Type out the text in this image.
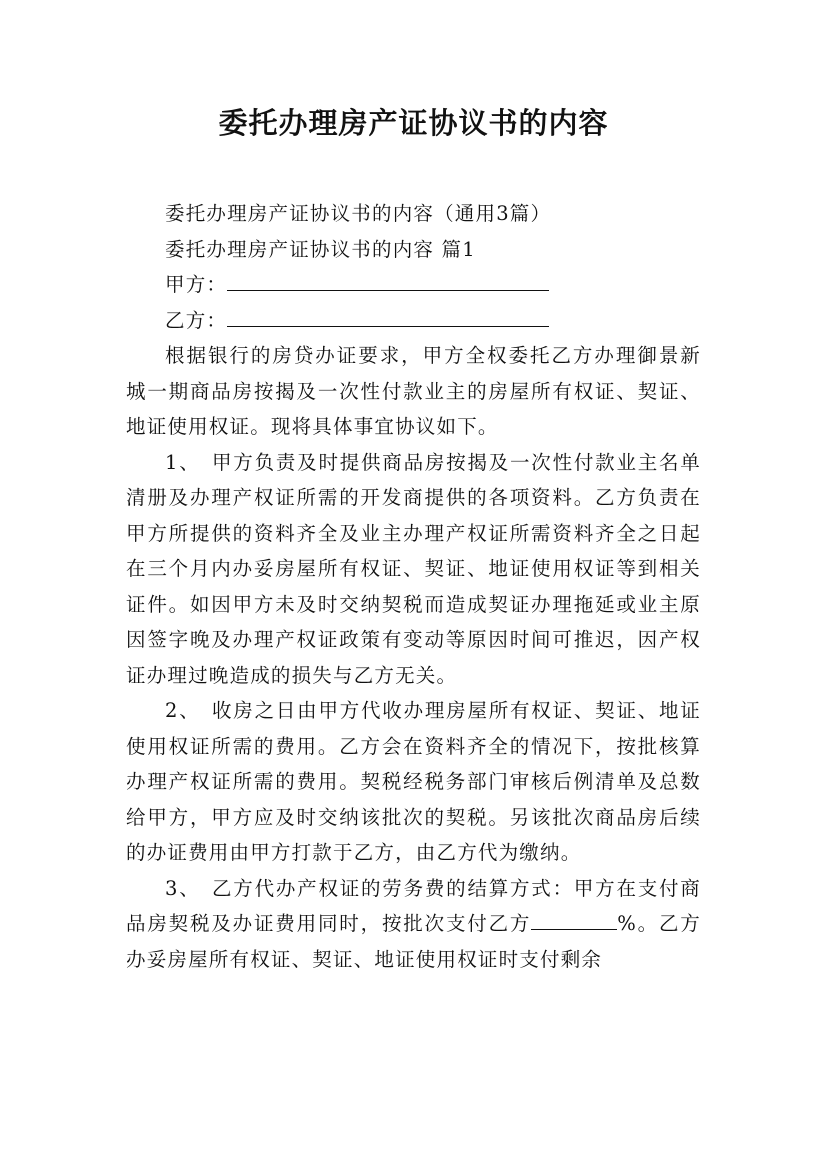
委托办理房产证协议书的内容

委托办理房产证协议书的内容（通用3篇）

委托办理房产证协议书的内容 篇1

甲方：

乙方：

根据银行的房贷办证要求，甲方全权委托乙方办理御景新城一期商品房按揭及一次性付款业主的房屋所有权证、契证、地证使用权证。现将具体事宜协议如下。

1、　甲方负责及时提供商品房按揭及一次性付款业主名单清册及办理产权证所需的开发商提供的各项资料。乙方负责在甲方所提供的资料齐全及业主办理产权证所需资料齐全之日起在三个月内办妥房屋所有权证、契证、地证使用权证等到相关证件。如因甲方未及时交纳契税而造成契证办理拖延或业主原因签字晚及办理产权证政策有变动等原因时间可推迟，因产权证办理过晚造成的损失与乙方无关。

2、　收房之日由甲方代收办理房屋所有权证、契证、地证使用权证所需的费用。乙方会在资料齐全的情况下，按批核算办理产权证所需的费用。契税经税务部门审核后例清单及总数给甲方，甲方应及时交纳该批次的契税。另该批次商品房后续的办证费用由甲方打款于乙方，由乙方代为缴纳。

3、　乙方代办产权证的劳务费的结算方式：甲方在支付商品房契税及办证费用同时，按批次支付乙方	%。乙方办妥房屋所有权证、契证、地证使用权证时支付剩余
